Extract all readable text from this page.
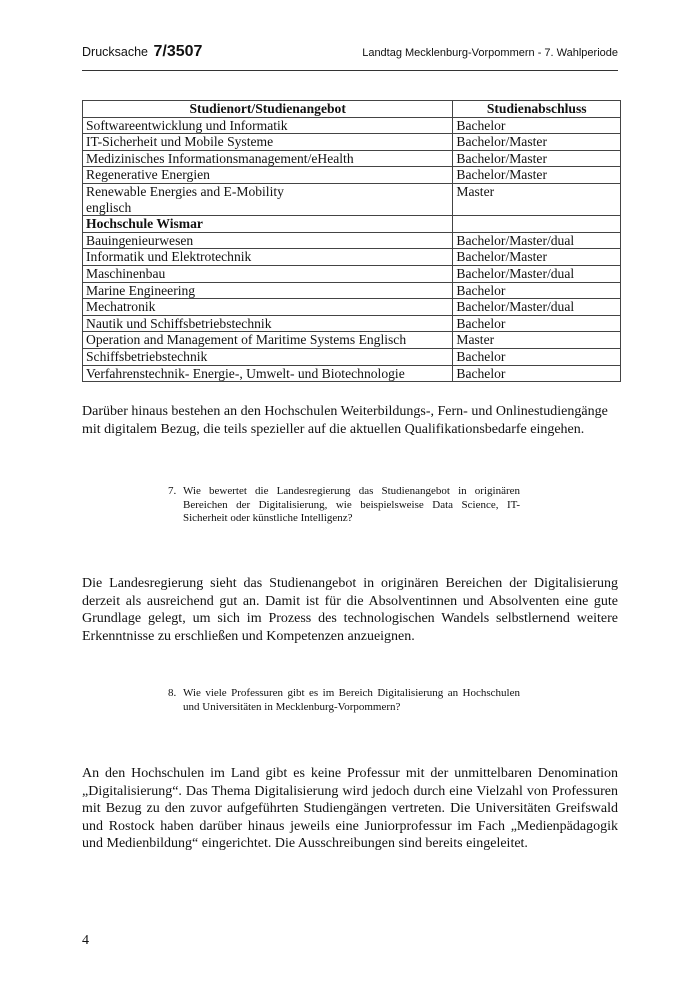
Drucksache 7/3507	Landtag Mecklenburg-Vorpommern - 7. Wahlperiode
Studienort/Studienangebot	Studienabschluss
Softwareentwicklung und Informatik	Bachelor
IT-Sicherheit und Mobile Systeme	Bachelor/Master
Medizinisches Informationsmanagement/eHealth	Bachelor/Master
Regenerative Energien	Bachelor/Master
Renewable Energies and E-Mobility
englisch	Master
Hochschule Wismar	
Bauingenieurwesen	Bachelor/Master/dual
Informatik und Elektrotechnik	Bachelor/Master
Maschinenbau	Bachelor/Master/dual
Marine Engineering	Bachelor
Mechatronik	Bachelor/Master/dual
Nautik und Schiffsbetriebstechnik	Bachelor
Operation and Management of Maritime Systems Englisch	Master
Schiffsbetriebstechnik	Bachelor
Verfahrenstechnik- Energie-, Umwelt- und Biotechnologie	Bachelor

Darüber hinaus bestehen an den Hochschulen Weiterbildungs-, Fern- und Onlinestudiengänge mit digitalem Bezug, die teils spezieller auf die aktuellen Qualifikationsbedarfe eingehen.

7. Wie bewertet die Landesregierung das Studienangebot in originären Bereichen der Digitalisierung, wie beispielsweise Data Science, IT-Sicherheit oder künstliche Intelligenz?

Die Landesregierung sieht das Studienangebot in originären Bereichen der Digitalisierung derzeit als ausreichend gut an. Damit ist für die Absolventinnen und Absolventen eine gute Grundlage gelegt, um sich im Prozess des technologischen Wandels selbstlernend weitere Erkenntnisse zu erschließen und Kompetenzen anzueignen.

8. Wie viele Professuren gibt es im Bereich Digitalisierung an Hochschulen und Universitäten in Mecklenburg-Vorpommern?

An den Hochschulen im Land gibt es keine Professur mit der unmittelbaren Denomination „Digitalisierung“. Das Thema Digitalisierung wird jedoch durch eine Vielzahl von Professuren mit Bezug zu den zuvor aufgeführten Studiengängen vertreten. Die Universitäten Greifswald und Rostock haben darüber hinaus jeweils eine Juniorprofessur im Fach „Medienpädagogik und Medienbildung“ eingerichtet. Die Ausschreibungen sind bereits eingeleitet.

4
